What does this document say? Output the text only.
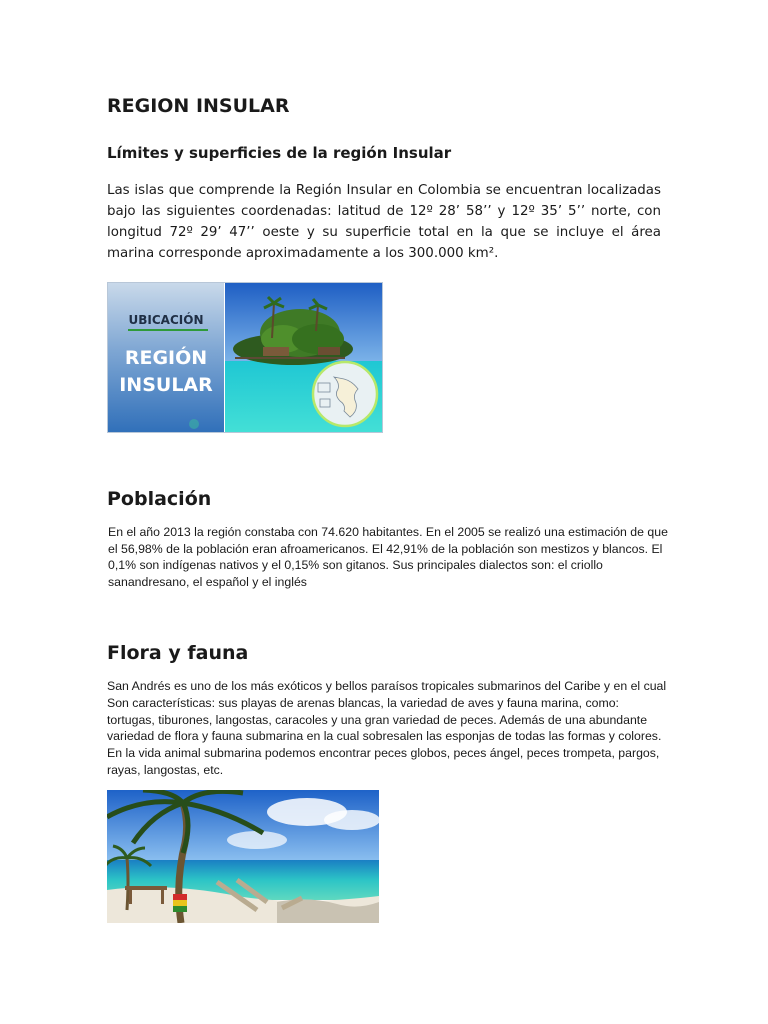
REGION INSULAR
Límites y superficies de la región Insular

Las islas que comprende la Región Insular en Colombia se encuentran localizadas bajo las siguientes coordenadas: latitud de 12º 28’ 58’’ y 12º 35’ 5’’ norte, con longitud 72º 29’ 47’’ oeste y su superficie total en la que se incluye el área marina corresponde aproximadamente a los 300.000 km².

UBICACIÓN
REGIÓN
INSULAR
Población

En el año 2013 la región constaba con 74.620 habitantes. En el 2005 se realizó una estimación de que el 56,98% de la población eran afroamericanos. El 42,91% de la población son mestizos y blancos. El 0,1% son indígenas nativos y el 0,15% son gitanos. Sus principales dialectos son: el criollo sanandresano, el español y el inglés

Flora y fauna

San Andrés es uno de los más exóticos y bellos paraísos tropicales submarinos del Caribe y en el cual Son características: sus playas de arenas blancas, la variedad de aves y fauna marina, como: tortugas, tiburones, langostas, caracoles y una gran variedad de peces. Además de una abundante variedad de flora y fauna submarina en la cual sobresalen las esponjas de todas las formas y colores. En la vida animal submarina podemos encontrar peces globos, peces ángel, peces trompeta, pargos, rayas, langostas, etc.
